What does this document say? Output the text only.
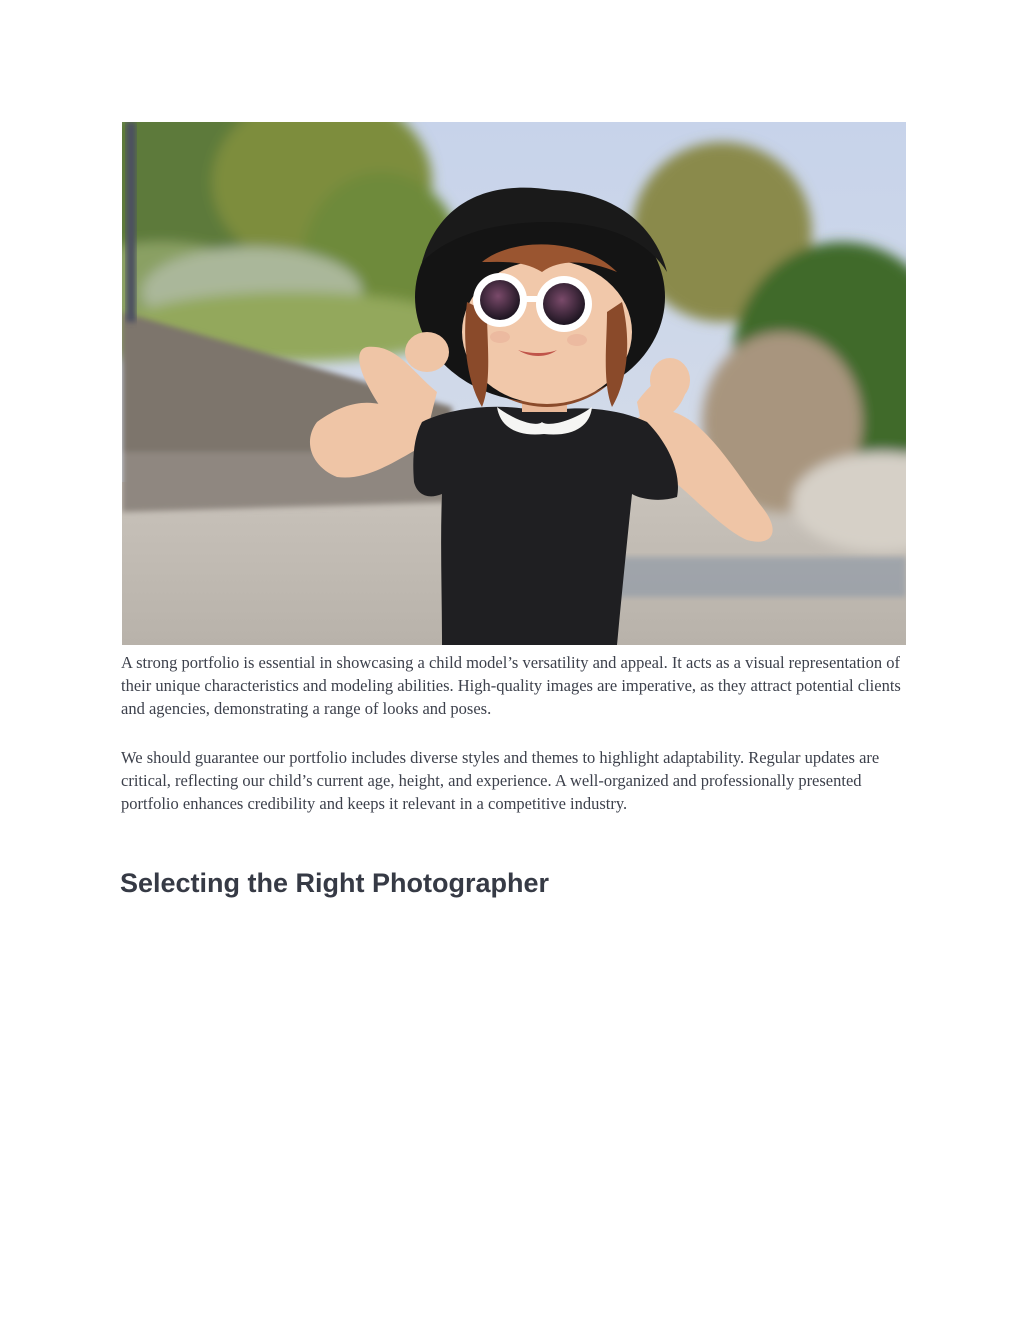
A strong portfolio is essential in showcasing a child model’s versatility and appeal. It acts as a visual representation of their unique characteristics and modeling abilities. High-quality images are imperative, as they attract potential clients and agencies, demonstrating a range of looks and poses.

We should guarantee our portfolio includes diverse styles and themes to highlight adaptability. Regular updates are critical, reflecting our child’s current age, height, and experience. A well-organized and professionally presented portfolio enhances credibility and keeps it relevant in a competitive industry.

Selecting the Right Photographer
